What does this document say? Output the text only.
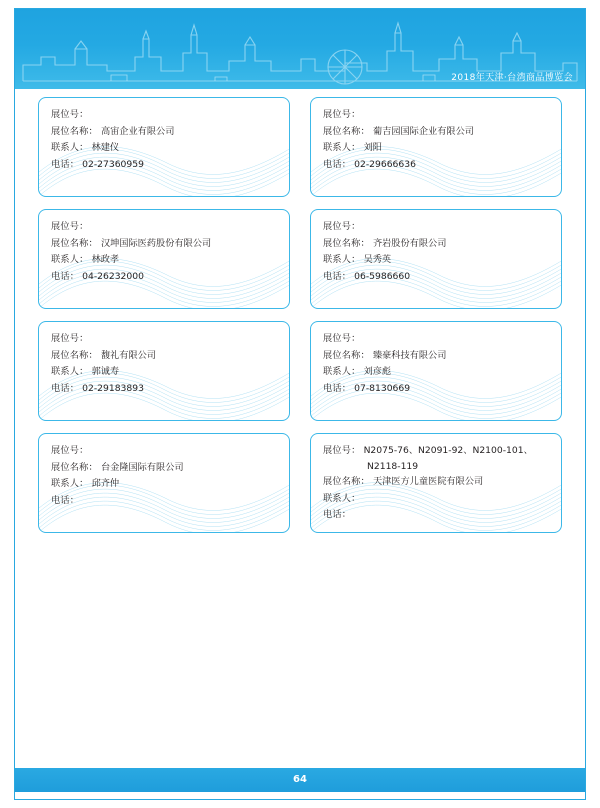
2018年天津·台湾商品博览会
展位号：
展位名称： 高宙企业有限公司
联系人： 林建仪
电话： 02-27360959
展位号：
展位名称： 葡吉园国际企业有限公司
联系人： 刘阳
电话： 02-29666636
展位号：
展位名称： 汉坤国际医药股份有限公司
联系人： 林政孝
电话： 04-26232000
展位号：
展位名称： 齐岩股份有限公司
联系人： 吴秀英
电话： 06-5986660
展位号：
展位名称： 馥礼有限公司
联系人： 郭诚寿
电话： 02-29183893
展位号：
展位名称： 臻豪科技有限公司
联系人： 刘彦彪
电话： 07-8130669
展位号：
展位名称： 台金隆国际有限公司
联系人： 邱齐仲
电话：
展位号： N2075-76、N2091-92、N2100-101、
N2118-119
展位名称： 天津医方儿童医院有限公司
联系人：
电话：
64
